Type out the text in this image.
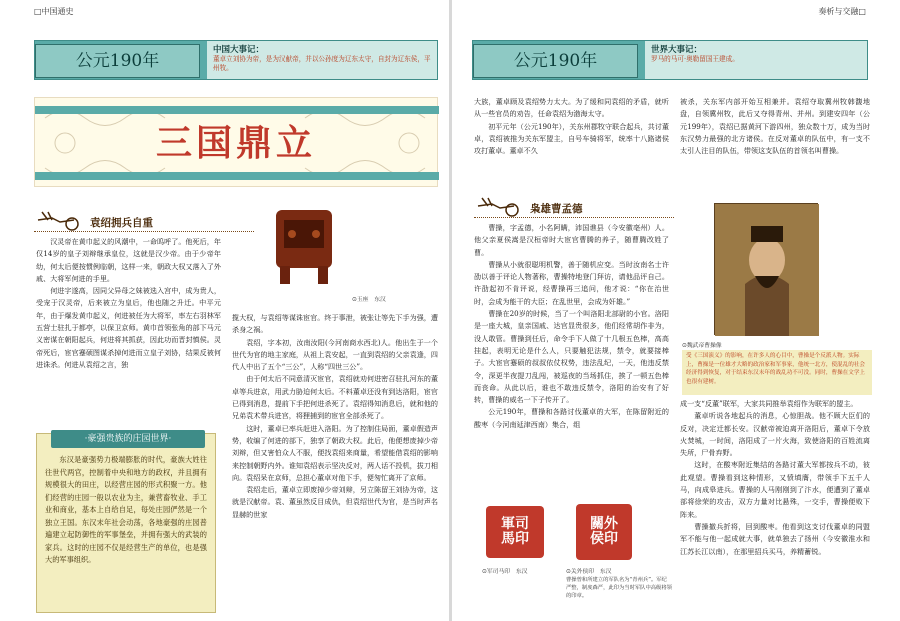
□中国通史
公元190年
中国大事记：
董卓立刘协为帝，是为汉献帝，并以公孙度为辽东太守，自封为辽东侯，平州牧。
三国鼎立
袁绍拥兵自重

汉灵帝在黄巾起义的风潮中，一命呜呼了。他死后，年仅14岁的皇子刘辩继承皇位，这就是汉少帝。由于少帝年幼，何太后便按惯例临朝，这样一来，朝政大权又落入了外戚、大将军何进的手里。

何进字遂高，因同父异母之妹被选入宫中，成为贵人，受宠于汉灵帝，后来被立为皇后，他也随之升迁。中平元年，由于爆发黄巾起义，何进被任为大将军，率左右羽林军五营士驻扎于都亭，以保卫京师。黄巾首领张角的部下马元义密谋在朝阳起兵，何进将其抓获，因此功而晋封慎侯。灵帝死后，宦官蹇硕图谋杀掉何进而立皇子刘协，结果反被何进诛杀。何进从袁绍之言，独

⊙玉座　东汉

揽大权，与袁绍等谋诛宦官。终于事泄，被张让等先下手为强，遭杀身之祸。

袁绍，字本初，汝南汝阳(今河南商水西北)人。他出生于一个世代为官的地主家庭，从祖上袁安起，一直到袁绍的父亲袁逢，四代人中出了五个“三公”，人称“四世三公”。

由于何太后不同意清灭宦官，袁绍就劝何进密召驻扎河东的董卓等兵进京，用武力胁迫何太后。不料董卓还没有到达洛阳，宦官已得到消息，提前下手把何进杀死了。袁绍得知消息后，就和他的兄弟袁术带兵进宫，将狸捕到的宦官全部杀死了。

这时，董卓已率兵赶进入洛阳。为了控制住局面，董卓假造声势，收编了何进的部下，独享了朝政大权。此后，他便想废掉少帝刘辩，但又害怕众人不服，便找袁绍来商量，希望能借袁绍的影响来控制朝野内外。谁知袁绍表示坚决反对，两人话不投机，拔刀相向。袁绍呆在京师，总担心董卓对他下手，便匆忙离开了京师。

袁绍走后，董卓立即废掉少帝刘辩，另立陈留王刘协为帝，这就是汉献帝。袁、董虽然反目成仇，但袁绍世代为官，是当时声名显赫的世家

·豪强贵族的庄园世界·
东汉是豪强势力极端膨胀的时代，豪族大姓往往世代两官，控制着中央和地方的政权，并且拥有规模很大的田庄，以经营庄园的形式积聚一方。他们经营的庄园一般以农业为主，兼营畜牧业、手工业和商业，基本上自给自足，每处庄园俨然是一个独立王国。东汉末年社会动荡，各地豪强的庄园普遍建立起防御性的军事堡垒，并拥有强大的武装的家兵。这时的庄园不仅是经营生产的单位，也是强大的军事组织。
奏析与交融□
公元190年
世界大事记：
罗马的马可·奥勒留国王建成。

大族，董卓顾及袁绍势力太大。为了缓和同袁绍的矛盾，就听从一些官员的劝告，任命袁绍为渤海太守。

初平元年（公元190年），关东州郡牧守联合起兵，共讨董卓，袁绍被推为关东军盟主，自号车骑将军，统率十八路诸侯攻打董卓。董卓不久

被杀，关东军内部开始互相兼并。袁绍夺取冀州牧韩馥地盘，自领冀州牧，此后又夺得青州、并州。到建安四年（公元199年），袁绍已据黄河下游四州，独众数十万，成为当时东汉势力最强的北方诸侯。在反对董卓的队伍中，有一支不太引人注目的队伍，带领这支队伍的首领名叫曹操。

枭雄曹孟德

曹操，字孟德，小名阿瞒，沛国谯县（今安徽亳州）人。他父亲夏侯嵩是汉桓帝时大宦官曹腾的养子，随曹腾改姓了曹。

曹操从小就很聪明机警，善于随机应变。当时汝南名士许劭以善于评论人物著称，曹操特地登门拜访，请他品评自己。许劭起初不肯评说，经曹操再三追问，他才说：“你在治世时，会成为能干的大臣；在乱世里，会成为奸雄。”

曹操在20岁的时候，当了一个叫洛阳北部尉的小官。洛阳是一座大城，皇亲国戚、达官显贵很多，他们经常胡作非为，没人敢管。曹操到任后，命令手下人做了十几根五色棒，高高挂起，表明无论是什么人，只要触犯法规，禁令，就要接棒子。大宦官蹇硕的叔叔依仗权势，违法乱纪，一天，他违反禁令，深更半夜提刀乱闯，被巡夜的当场抓住，挨了一顿五色棒而丧命。从此以后，谁也不敢违反禁令，洛阳的治安有了好转，曹操的威名一下子传开了。

公元190年，曹操和各路讨伐董卓的大军，在陈留附近的酸枣（今河南延津西南）集合，组

⊙魏武帝曹操像
受《三国演义》的影响，在许多人的心目中，曹操是个反派人物。实际上，曹操是一位雄才大略的政治家和军事家，他统一北方，使混乱的社会经济得到恢复，对于结束东汉末年的战乱功不可没。同时，曹操在文学上也很有建树。

成一支“反董”联军，大家共同推举袁绍作为联军的盟主。

董卓听说各地起兵的消息，心惊胆战。他不顾大臣们的反对，决定迁都长安。汉献帝被迫离开洛阳后，董卓下令放火焚城，一时间，洛阳成了一片火海，致使洛阳的百姓流离失所，尸骨弃野。

这时，在酸枣附近集结的各路讨董大军都按兵不动，彼此观望。曹操看到这种情形，又愤填膺，带领手下五千人马，向成皋进兵。曹操的人马刚刚到了汴水，便遭到了董卓部将徐荣的攻击，双方力量对比悬殊，一交手，曹操便败下阵来。

曹操撤兵折将，回到酸枣。他看到这支讨伐董卓的同盟军不能与他一起成就大事，就单独去了扬州（今安徽淮水和江苏长江以南），在那里招兵买马，养精蓄锐。

軍司馬印
關外侯印
⊙军司马印　东汉	⊙关外侯印　东汉
曹操曾和所建立的军队名为“青州兵”。军纪严整，制度森严，此印为当时军队中高级将领的印章。
